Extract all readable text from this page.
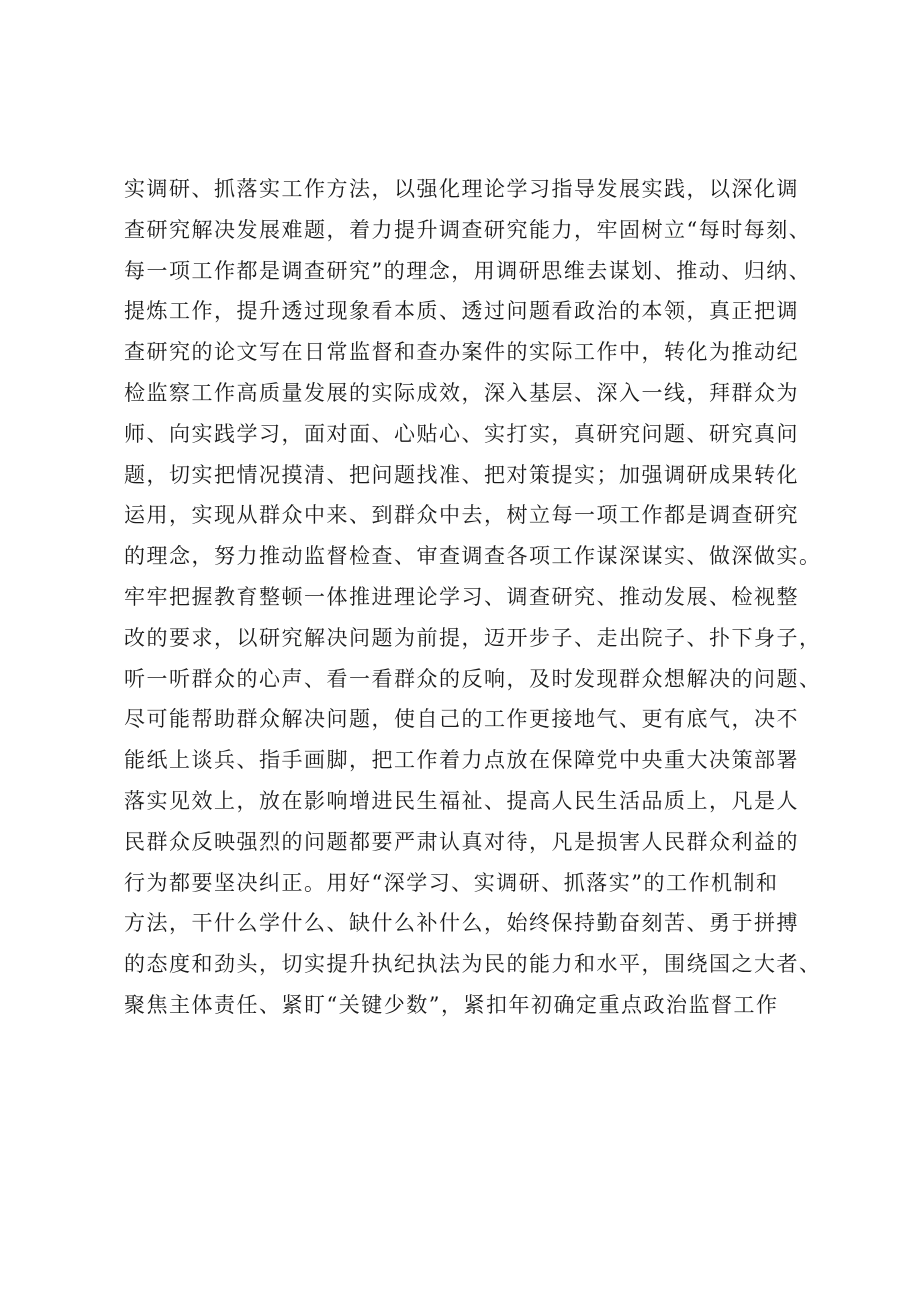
实调研、抓落实工作方法，以强化理论学习指导发展实践，以深化调
查研究解决发展难题，着力提升调查研究能力，牢固树立“每时每刻、
每一项工作都是调查研究”的理念，用调研思维去谋划、推动、归纳、
提炼工作，提升透过现象看本质、透过问题看政治的本领，真正把调
查研究的论文写在日常监督和查办案件的实际工作中，转化为推动纪
检监察工作高质量发展的实际成效，深入基层、深入一线，拜群众为
师、向实践学习，面对面、心贴心、实打实，真研究问题、研究真问
题，切实把情况摸清、把问题找准、把对策提实；加强调研成果转化
运用，实现从群众中来、到群众中去，树立每一项工作都是调查研究
的理念，努力推动监督检查、审查调查各项工作谋深谋实、做深做实。
牢牢把握教育整顿一体推进理论学习、调查研究、推动发展、检视整
改的要求，以研究解决问题为前提，迈开步子、走出院子、扑下身子，
听一听群众的心声、看一看群众的反响，及时发现群众想解决的问题、
尽可能帮助群众解决问题，使自己的工作更接地气、更有底气，决不
能纸上谈兵、指手画脚，把工作着力点放在保障党中央重大决策部署
落实见效上，放在影响增进民生福祉、提高人民生活品质上，凡是人
民群众反映强烈的问题都要严肃认真对待，凡是损害人民群众利益的
行为都要坚决纠正。用好“深学习、实调研、抓落实”的工作机制和
方法，干什么学什么、缺什么补什么，始终保持勤奋刻苦、勇于拼搏
的态度和劲头，切实提升执纪执法为民的能力和水平，围绕国之大者、
聚焦主体责任、紧盯“关键少数”，紧扣年初确定重点政治监督工作
